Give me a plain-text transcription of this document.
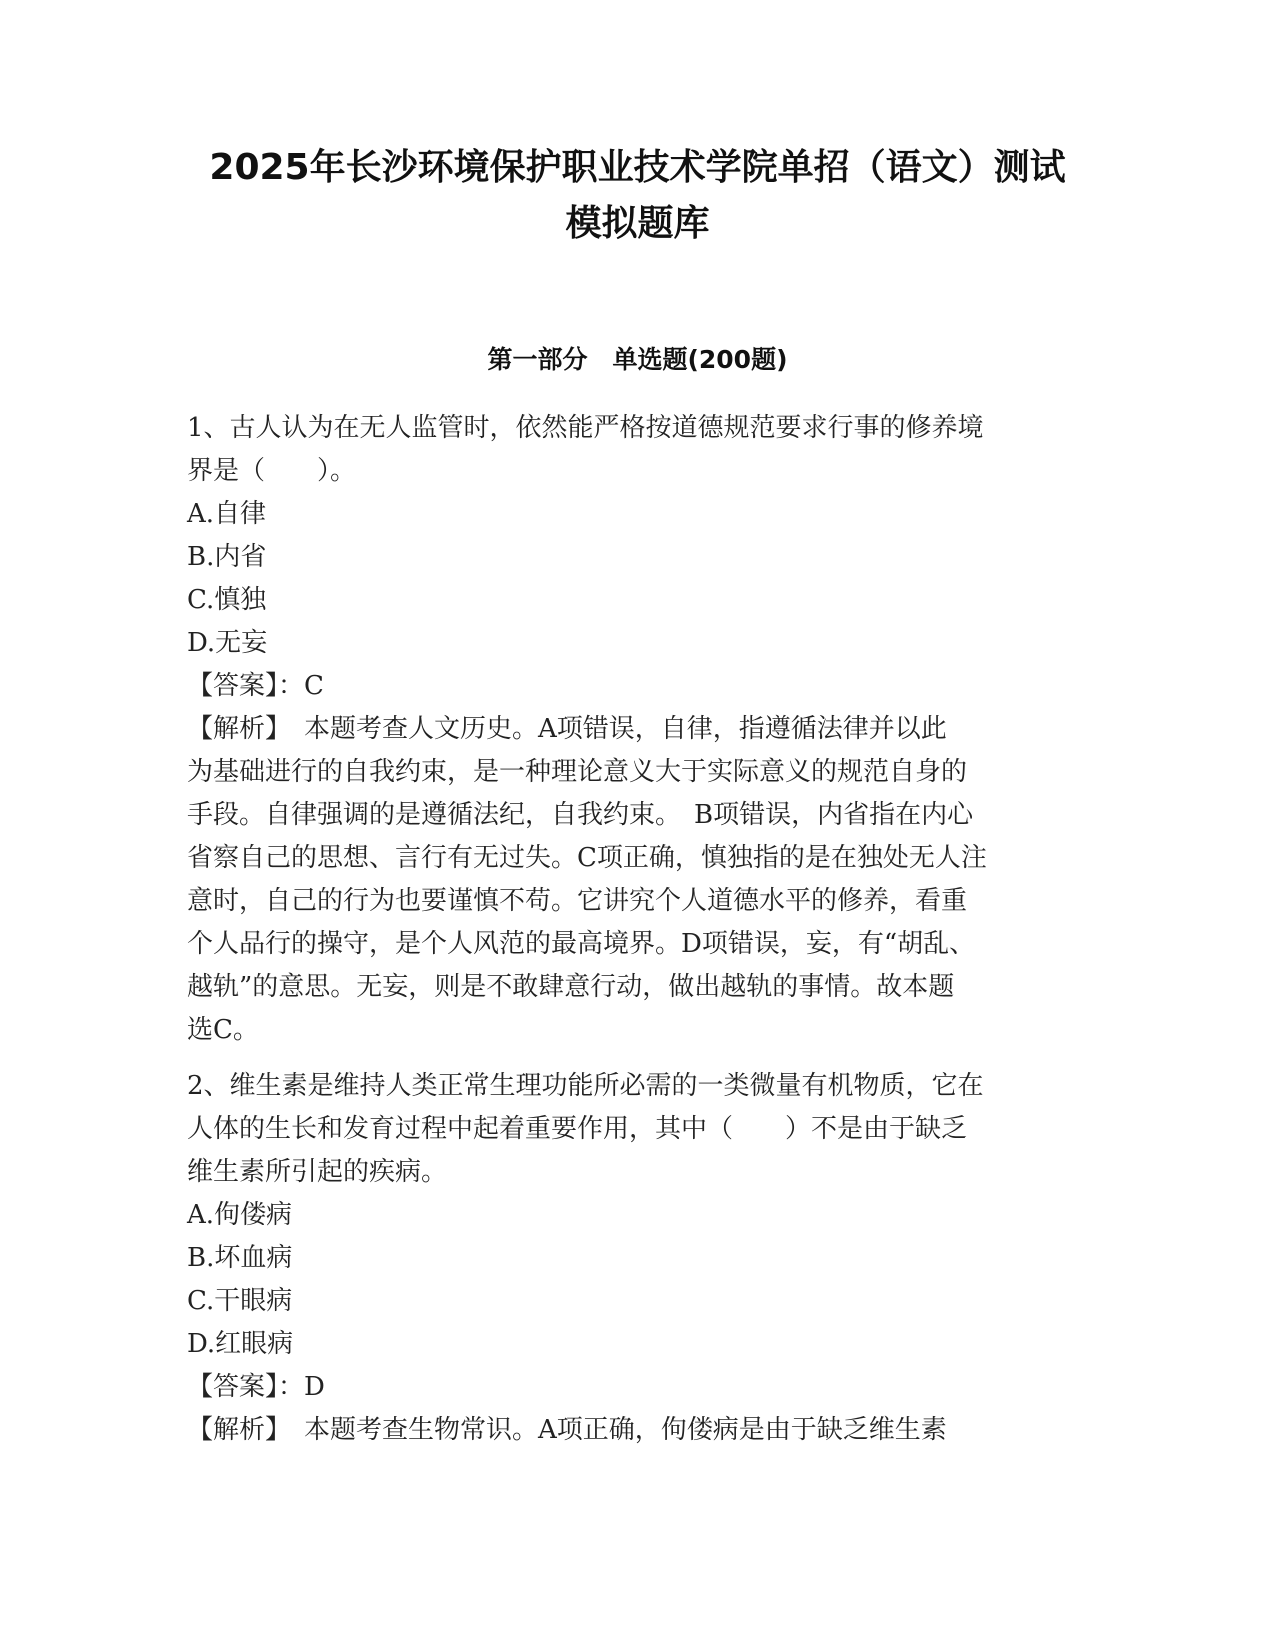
2025年长沙环境保护职业技术学院单招（语文）测试
模拟题库
第一部分　单选题(200题)
1、古人认为在无人监管时，依然能严格按道德规范要求行事的修养境
界是（　　）。
A.自律
B.内省
C.慎独
D.无妄
【答案】：C
【解析】　本题考查人文历史。A项错误，自律，指遵循法律并以此
为基础进行的自我约束，是一种理论意义大于实际意义的规范自身的
手段。自律强调的是遵循法纪，自我约束。　B项错误，内省指在内心
省察自己的思想、言行有无过失。C项正确，慎独指的是在独处无人注
意时，自己的行为也要谨慎不苟。它讲究个人道德水平的修养，看重
个人品行的操守，是个人风范的最高境界。D项错误，妄，有“胡乱、
越轨”的意思。无妄，则是不敢肆意行动，做出越轨的事情。故本题
选C。
2、维生素是维持人类正常生理功能所必需的一类微量有机物质，它在
人体的生长和发育过程中起着重要作用，其中（　　）不是由于缺乏
维生素所引起的疾病。
A.佝偻病
B.坏血病
C.干眼病
D.红眼病
【答案】：D
【解析】　本题考查生物常识。A项正确，佝偻病是由于缺乏维生素
